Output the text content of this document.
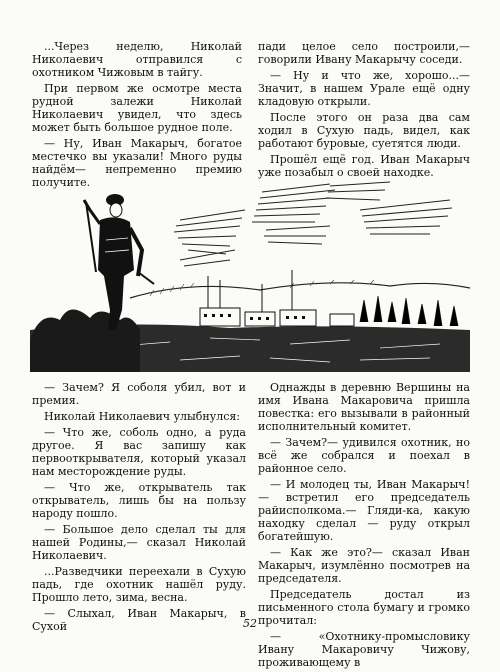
...Через неделю, Николай Николаевич отправился с охотником Чижовым в тайгу.

При первом же осмотре места рудной залежи Николай Николаевич увидел, что здесь может быть большое рудное поле.

— Ну, Иван Макарыч, богатое местечко вы указали! Много руды найдём— непременно премию получите.

пади целое село построили,— говорили Ивану Макарычу соседи.

— Ну и что же, хорошо...— Значит, в нашем Урале ещё одну кладовую открыли.

После этого он раза два сам ходил в Сухую падь, видел, как работают буровые, суетятся люди.

Прошёл ещё год. Иван Макарыч уже позабыл о своей находке.

— Зачем? Я соболя убил, вот и премия.

Николай Николаевич улыбнулся:

— Что же, соболь одно, а руда другое. Я вас запишу как первооткрывателя, который указал нам месторождение руды.

— Что же, открыватель так открыватель, лишь бы на пользу народу пошло.

— Большое дело сделал ты для нашей Родины,— сказал Николай Николаевич.

...Разведчики переехали в Сухую падь, где охотник нашёл руду. Прошло лето, зима, весна.

— Слыхал, Иван Макарыч, в Сухой

Однажды в деревню Вершины на имя Ивана Макаровича пришла повестка: его вызывали в районный исполнительный комитет.

— Зачем?— удивился охотник, но всё же собрался и поехал в районное село.

— И молодец ты, Иван Макарыч!— встретил его председатель райисполкома.— Гляди-ка, какую находку сделал — руду открыл богатейшую.

— Как же это?— сказал Иван Макарыч, изумлённо посмотрев на председателя.

Председатель достал из письменного стола бумагу и громко прочитал:

— «Охотнику-промысловику Ивану Макаровичу Чижову, проживающему в

52
